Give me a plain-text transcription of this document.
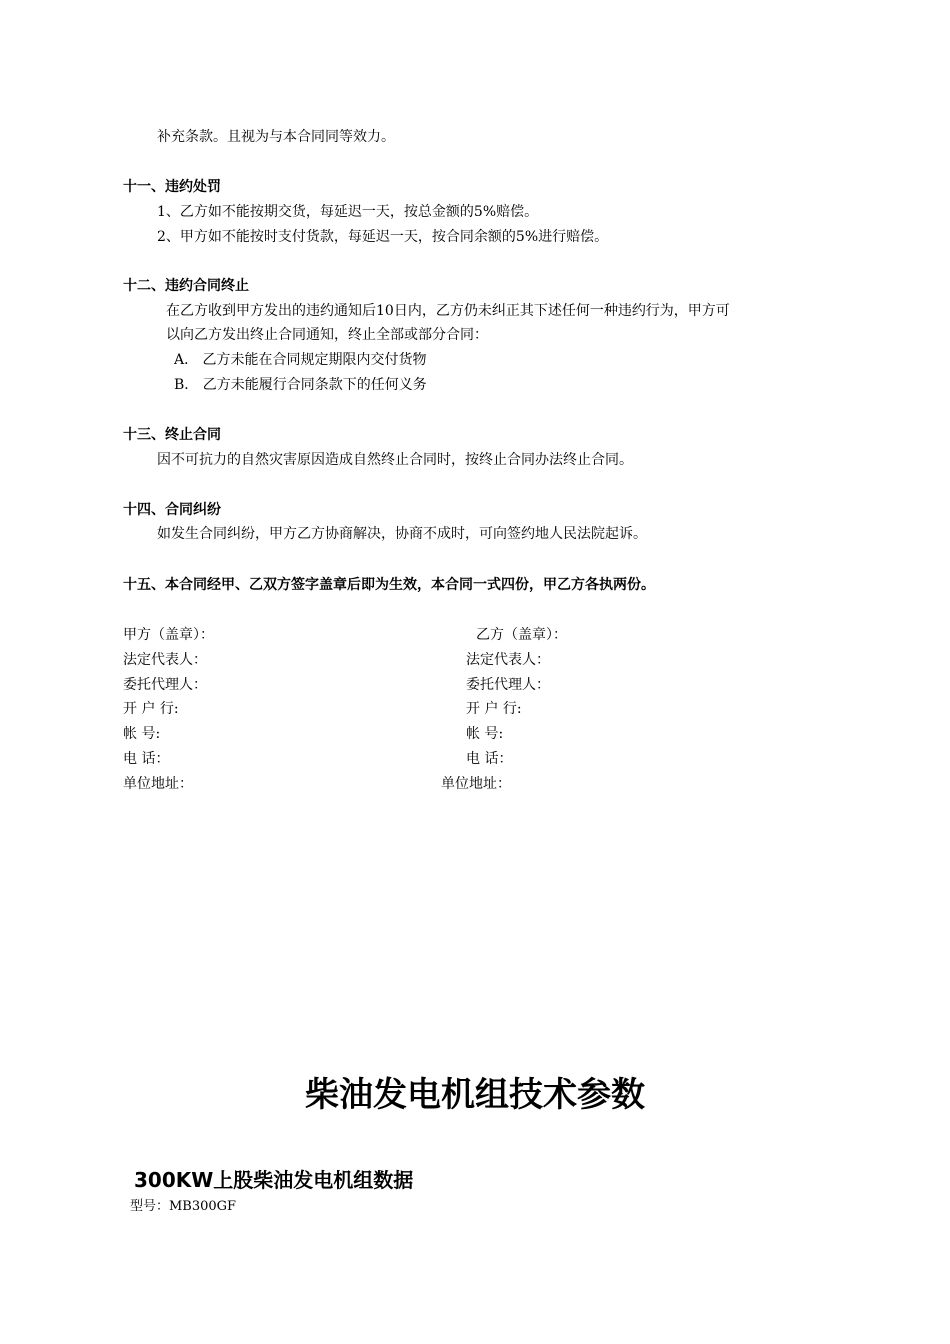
补充条款。且视为与本合同同等效力。
十一、违约处罚
1、乙方如不能按期交货，每延迟一天，按总金额的5%赔偿。
2、甲方如不能按时支付货款，每延迟一天，按合同余额的5%进行赔偿。
十二、违约合同终止
在乙方收到甲方发出的违约通知后10日内，乙方仍未纠正其下述任何一种违约行为，甲方可
以向乙方发出终止合同通知，终止全部或部分合同：
A． 乙方未能在合同规定期限内交付货物
B． 乙方未能履行合同条款下的任何义务
十三、终止合同
因不可抗力的自然灾害原因造成自然终止合同时，按终止合同办法终止合同。
十四、合同纠纷
如发生合同纠纷，甲方乙方协商解决，协商不成时，可向签约地人民法院起诉。
十五、本合同经甲、乙双方签字盖章后即为生效，本合同一式四份，甲乙方各执两份。
甲方（盖章）：
法定代表人：
委托代理人：
开 户 行:
帐 号:
电 话：
单位地址：
乙方（盖章）：
法定代表人：
委托代理人：
开 户 行:
帐 号:
电 话：
单位地址：
柴油发电机组技术参数
300KW上股柴油发电机组数据
型号：MB300GF
